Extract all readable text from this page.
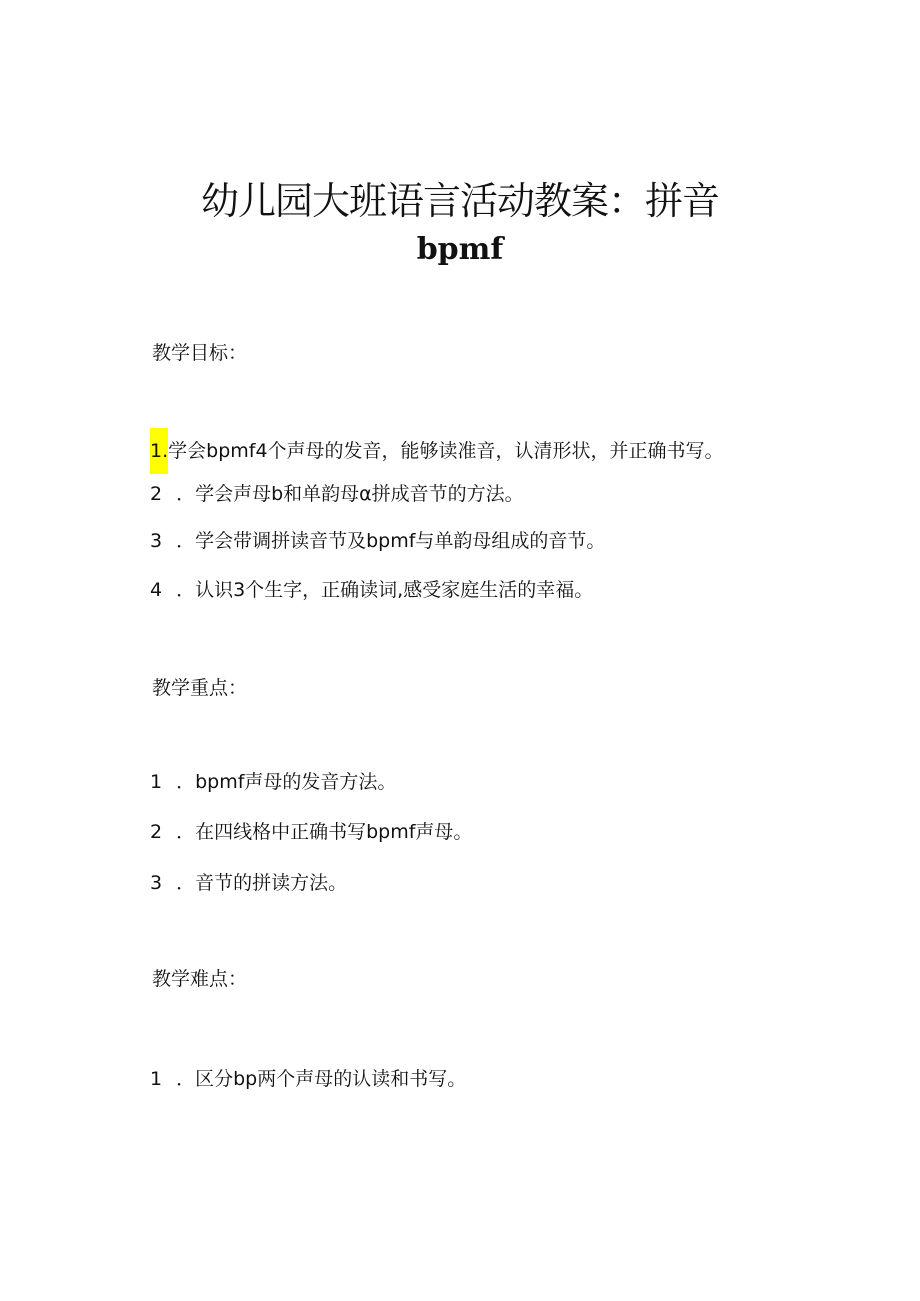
幼儿园大班语言活动教案：拼音
bpmf
教学目标：
1.学会bpmf4个声母的发音，能够读准音，认清形状，并正确书写。
2 ．学会声母b和单韵母α拼成音节的方法。
3 ．学会带调拼读音节及bpmf与单韵母组成的音节。
4 ．认识3个生字，正确读词,感受家庭生活的幸福。
教学重点：
1 ．bpmf声母的发音方法。
2 ．在四线格中正确书写bpmf声母。
3 ．音节的拼读方法。
教学难点：
1 ．区分bp两个声母的认读和书写。
